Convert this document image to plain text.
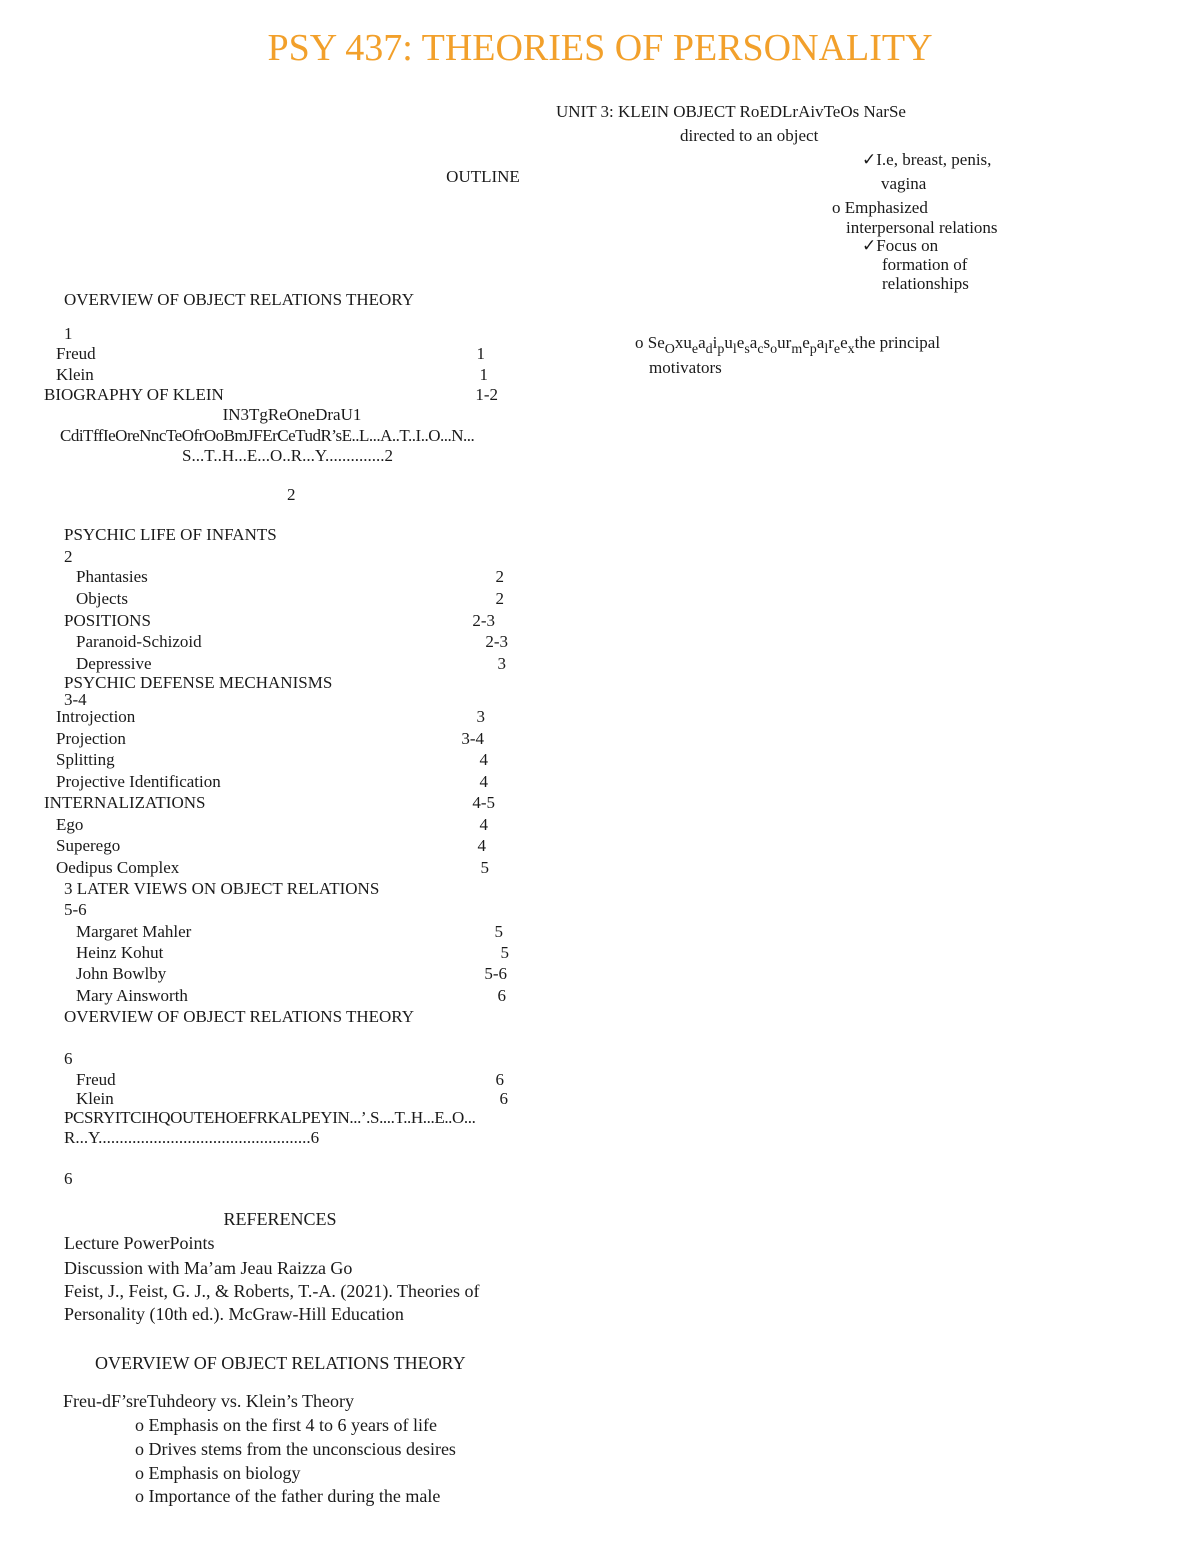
PSY 437: THEORIES OF PERSONALITY
UNIT 3: KLEIN OBJECT RoEDLrAivTeOs NarSe
directed to an object
✓I.e, breast, penis,
vagina
o Emphasized
interpersonal relations
✓Focus on
formation of
relationships
o $Se_Oxu_ea_di_pu_le_sa_cs_our_me_pa_lr_ee_xthe$ principal
motivators
OUTLINE
OVERVIEW OF OBJECT RELATIONS THEORY
1
Freud	1
Klein	1
BIOGRAPHY OF KLEIN	1-2
IN3TgReOneDraU1
CdiTffIeOreNncTeOfrOoBmJFErCeTudR’sE..L...A..T..I..O...N...
S...T..H...E...O..R...Y..............2
2
PSYCHIC LIFE OF INFANTS
2
Phantasies	2
Objects	2
POSITIONS	2-3
Paranoid-Schizoid	2-3
Depressive	3
PSYCHIC DEFENSE MECHANISMS
3-4
Introjection	3
Projection	3-4
Splitting	4
Projective Identification	4
INTERNALIZATIONS	4-5
Ego	4
Superego	4
Oedipus Complex	5
3 LATER VIEWS ON OBJECT RELATIONS
5-6
Margaret Mahler	5
Heinz Kohut	5
John Bowlby	5-6
Mary Ainsworth	6
OVERVIEW OF OBJECT RELATIONS THEORY
6
Freud	6
Klein	6
PCSRYITCIHQOUTEHOEFRKALPEYIN...’.S....T..H...E..O...
R...Y..................................................6
6
REFERENCES
Lecture PowerPoints
Discussion with Ma’am Jeau Raizza Go
Feist, J., Feist, G. J., & Roberts, T.-A. (2021). Theories of
Personality (10th ed.). McGraw-Hill Education
OVERVIEW OF OBJECT RELATIONS THEORY
Freu-dF’sreTuhdeory vs. Klein’s Theory
o Emphasis on the first 4 to 6 years of life
o Drives stems from the unconscious desires
o Emphasis on biology
o Importance of the father during the male
